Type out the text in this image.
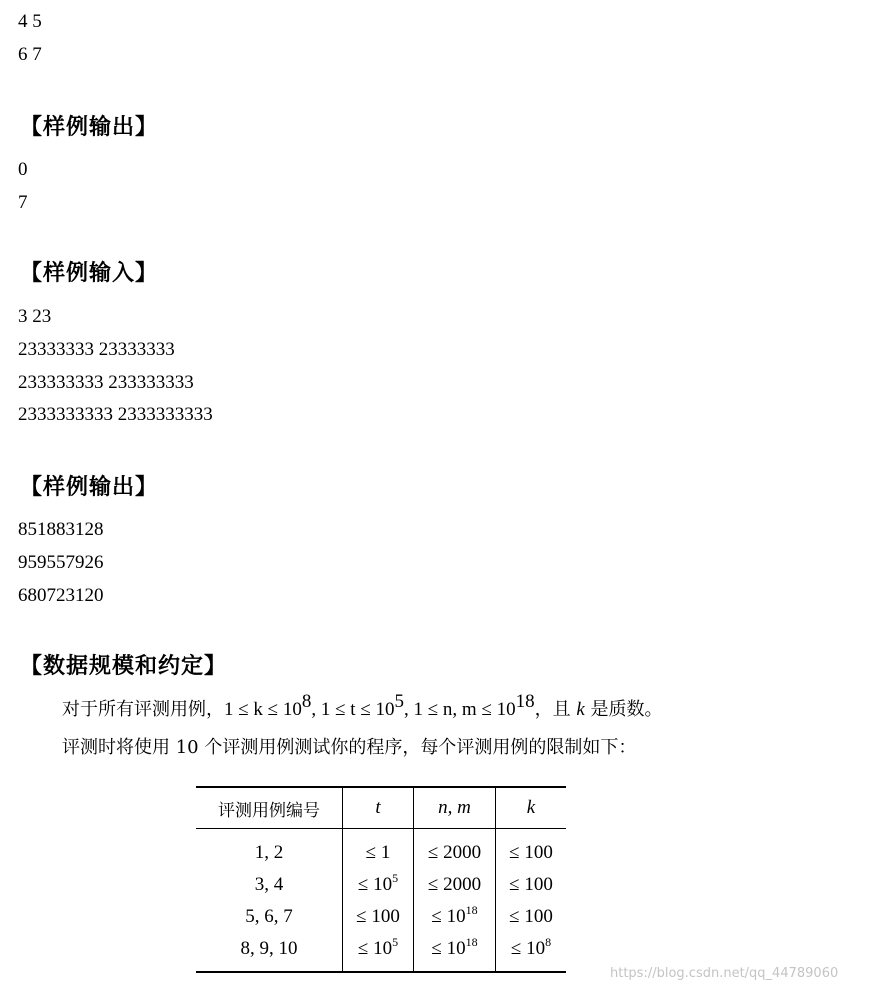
4 5
6 7
【样例输出】
0
7
【样例输入】
3 23
23333333 23333333
233333333 233333333
2333333333 2333333333
【样例输出】
851883128
959557926
680723120
【数据规模和约定】
对于所有评测用例，$1 \le k \le 10^8$, $1 \le t \le 10^5$, 1 ≤ n, $m \le 10^{18}$，且 k 是质数。
评测时将使用 10 个评测用例测试你的程序，每个评测用例的限制如下：
评测用例编号	t	n, m	k
1, 2	≤ 1	≤ 2000	≤ 100
3, 4	≤ $10^5$	≤ 2000	≤ 100
5, 6, 7	≤ 100	≤ $10^{18}$	≤ 100
8, 9, 10	≤ $10^5$	≤ $10^{18}$	≤ $10^8$
https://blog.csdn.net/qq_44789060
